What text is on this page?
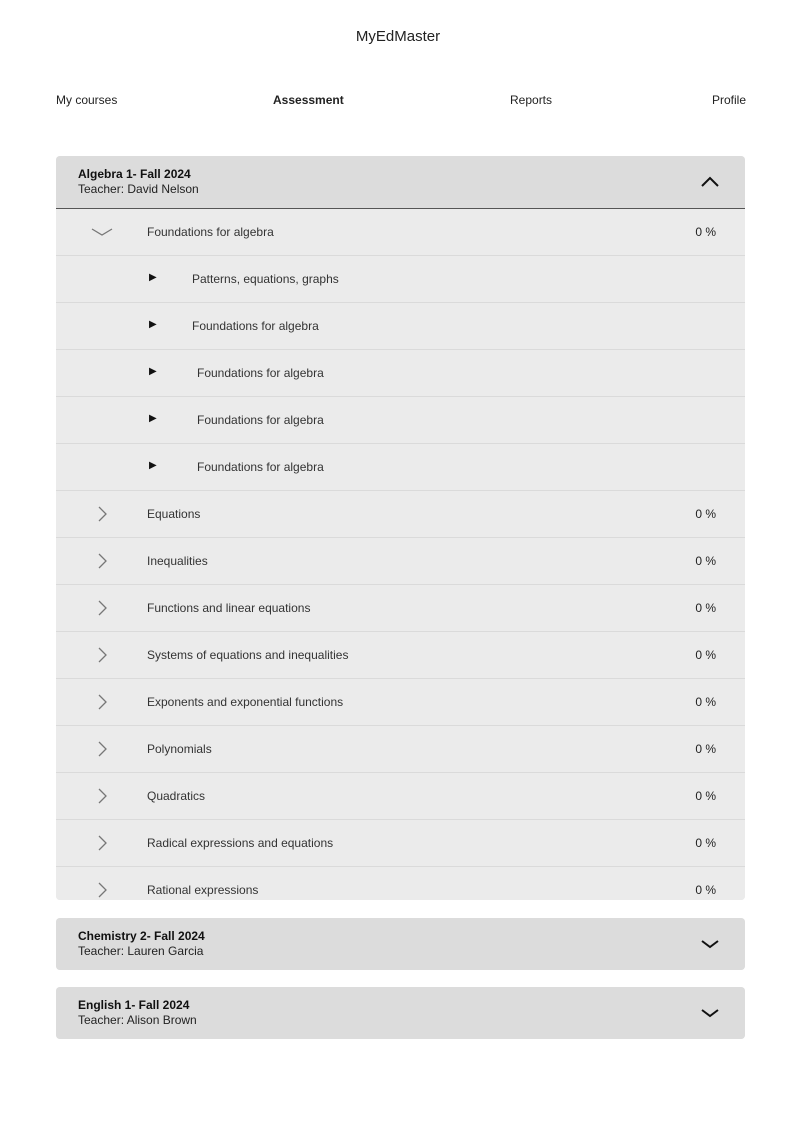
MyEdMaster
My courses	Assessment	Reports	Profile
Algebra 1- Fall 2024
Teacher: David Nelson
Foundations for algebra	0 %
▶	Patterns, equations, graphs
▶	Foundations for algebra
▶	Foundations for algebra
▶	Foundations for algebra
▶	Foundations for algebra
Equations	0 %
Inequalities	0 %
Functions and linear equations	0 %
Systems of equations and inequalities	0 %
Exponents and exponential functions	0 %
Polynomials	0 %
Quadratics	0 %
Radical expressions and equations	0 %
Rational expressions	0 %
Chemistry 2- Fall 2024
Teacher: Lauren Garcia
English 1- Fall 2024
Teacher: Alison Brown
